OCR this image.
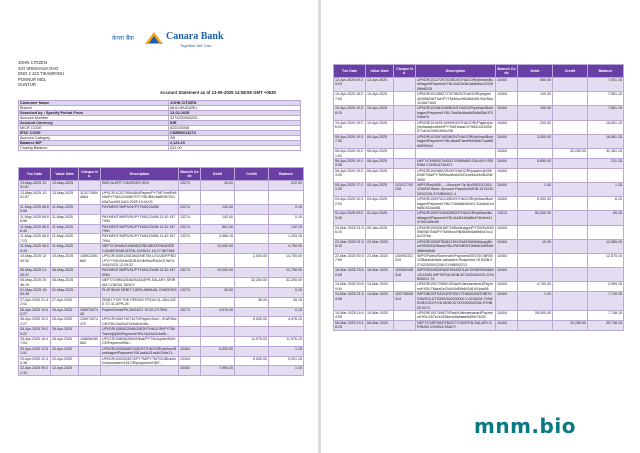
केनरा बैंक	Canara Bank
Together We Can
JOHN CITIZEN
S/O SRINIVASA RAO
DNO 2 122 TIKAMPADU
PONNUR MDL
GUNTUR
Account Statement as of 13-05-2025 14:58:55 GMT +0530
Customer Name	JOHN CITIZEN
Branch	MULUKUDURU
Searched by : Specify Period From	13-02-2025
Account Number	3274220000202
Account Currency	INR
MICR CODE	522015008
IFSC CODE	CNRB0013274
Account Category	SB
Balance B/F	2,123.15
Closing Balance	222.00
Txn Date	Value Date	Cheque No.	Description	Branch Code	Debit	Credit	Balance
13-May-2025 12:01:57	13-May-2025		SMS ALERT CHARGES HDV	13274	15.00		222.00
13-May-2025 12:01:57	13-May-2025	113273954 4864	UPI/CR/113273954484/Paytm/PYTM/Txn#Ref/NA/PYTM0123456/TOT/YBL/B9c3a8f29f7201b0a7cc4f413d19 2025 19:44:03				
11-May-2025 06:00:56	11-May-2025		PAYMENT/IMPS/91/PYTM0123456	13274	142.00		0.15
11-May-2025 06:08:56	11-May-2025		PAYMENT/IMPS/91/PYTM0123456 11:30 1577994	13274	142.00		0.15
11-May-2025 06:08:40	11-May-2025		PAYMENT/IMPS/91/PYTM0123456 11:30 1577991	13274	561.00		142.15
11-May-2025 06:07:23	11-May-2025		PAYMENT/IMPS/91/PYTM0123456 11:30 1577994	13274	3,486.15		1,203.15
11-May-2025 06:00:43	11-May-2025		NEFT/CANAW14060622/NEABOATNNASEEC/UNDERABOATSN-10/05/21 16:27:38/7984		10,000.00		4,750.00
10-May-2025 12:29:32	10-May-2025	108912081 663	UPI/CR/108912081663/NETIM LRJ/JIDP/FBOLPY/***0010/HbOlDRJI/HibRsh/PaOrOl WE/10/05/2025 12:29:32			2,000.00	14,750.00
06-May-2025 21:30:27	06-May-2025		PAYMENT/IMPS/91/PYTM0123456 11:30 1579964	13274	19,000.00		12,750.00
06-May-2025 20:46:19	06-May-2025		NEFT/CNR04254629432/APR-SALARY-SRIRAM CONSULTANCY			32,250.00	32,250.00
01-May-2025 10:53:38	01-May-2025		PLATINUM DEBIT CARD ANNUAL CHARGES	13274	35.00		0.15
27-Apr-2025 21:32:51	27-Apr-2025		SBINT FOR THE PERIOD FROM 01-JAN-2025 TO 31-APR-25			36.00	35.15
26-Apr-2025 19:32:27	26-Apr-2025	106974074 28	Paytm/Noida/Pb-26/04/21 19:32:27/7994	13274	4,976.00		0.15
26-Apr-2025 19:32:27	26-Apr-2025	106974074 472	UPI/CR/106974074472/Paytm/Jubr/.../KARSAICBJYBL/4a2bc37e9c8/4c/8b...			5,000.00	4,976.15
26-Apr-2025 19:25:22	26-Apr-2025		UPI/DR/1086922068/2/BONTHAGORI/PYTM/Trans/jbjUtil/Payment/YBL/4c2bc2c4a9b...				
26-Apr-2025 18:47:04	26-Apr-2025	108696280 663	UPI/CR/1086962806/Nihal/PYTM/Jupiter/BAHCE/Payment/Bkh...			11,975.00	11,976.15
20-Apr-2025 12:51:51	20-Apr-2025		UPI/DR/100066857/3/BONTHAGORI/yblhan/Bonthagori/Payment/YBL/aa5c21ac4b7c8e21...	10404	5,000.00		1.15
20-Apr-2025 12:46:38	20-Apr-2025		UPI/DR/1000053574/PYTM/PYTM7/ZUBI/ankit/chandradev/1517/Repayment/HDF...	10404		5,000.00	5,001.15
12-Apr-2025 09:21:33	12-Apr-2025			10404	7,990.00		1.15
Txn Date	Value Date	Cheque No.	Description	Branch Code	Debit	Credit	Balance
12-Apr-2025 09:25:04	12-Apr-2025		UPI/DR/101273970/2/BONTHAGORI/yblhan/Bonthagori/Payment/YBL/4d01b3b1ab6ebec2204f0f6b8315	10404	550.00		7,001.15
10-Apr-2025 18:27:00	10-Apr-2025		UPI/DR/101286271767/BONTHAGORI/paytm/@0956/08/TNA/PYTM/Moo/HB46d/d91/0/e/5ba1e18d716/0	10404	100.00		7,551.15
10-Apr-2025 19:28:20	10-Apr-2025		UPI/DR/101081198/BONTHAGORI/yblhan/Bonthagori/Payment/YBL/7ba5dc8ba8d2b8d/5a1f7004ba7d	10404	100.00		7,651.15
10-Apr-2025 19:26:03	10-Apr-2025		UPI/DR/101090/1999/BONTHAGORI/Paytm/paytmhwaqhudhbh/PYTM/Hwasi/1/7984/14/3400/071a/1b1e8016f/5c/08	10404	200.00		16,651.15
09-Apr-2025 19:37:00	09-Apr-2025		UPI/DR/101067/8/2/BONTHAGORI/yblhan/Bonthagori/Payment/YBL/aba0f7aeef9d4ddb71aa68b56994e0	10404	3,000.00		16,851.15
06-Apr-2025 19:21:02	06-Apr-2025			10404		32,250.00	32,481.15
06-Apr-2025 19:19:38	06-Apr-2025		NEFT/CNR0507945327/SBI/MAR-SALARY-SRIRAM CONSULTANCY	10404	5,650.00		231.15
06-Apr-2025 19:23:00	06-Apr-2025		UPI/DR/100988/2/BONTHAGORI/paytm/@0956/08/TNA/PYTM/MooBo6430014e6ed/4e8b2563000	10404			
05-Apr-2025 17:21:29	05-Apr-2025	101017782 228	IMPS/Ravi/AM/...../Account Sp No/4581111161/1/16039 Bank: Account Payment/MOB:3274220000/2206-SYNB00021 4	10404	1.00		1.15
03-Apr-2025 10:32:00	03-Apr-2025		UPI/DR/100976224/BONTHAGORI/yblhan/Bonthagori/Payment/YBL/71b8a6b3b0e3 31a3ed1e4fa8d1f32ac681	10404	5,000.00		6.15
01-Apr-2025 09:09:26	01-Apr-2025		UPI/DR/1009702645/BONTHAGORI/yblhan/Bonthagori/Payment/YBL/AAEd1f4a8bd74b3ee41475d1405cb8	12513	52,000.00		65.15
24-Mar-2025 21:06:10	09-Jan-2025		UPI/DR/1009281827/4/BonthagoriPYTM/Sn93/0956/08/TNA/PYTM/Moo/HB46d0b5a6fb6/d7cc36c2376a	10404			
22-Mar-2025 01:05:15	22-Mar-2025		UPI/DR/100997828474/KONA/HWAMA/pay@hw49280002/Bank/YBL/PAYMENT/a9fab1df9ba5486e69848	10404	10.00		12,565.15
22-Mar-2025 00:37:59	22-Mar-2025	100992331 319	IMPS/Failed/Surrender/Payment/GEOS/CNR0012/Bank/details validation:Snapment Of MOB:3274220000/2206-SYNB000213	10404			12,575.15
16-Mar-2025 23:40:05	16-Mar-2025	100062948 318	IMPS/RAVINDRAVEMHASOLAKSH/829904660-0012080 IMPS/PSA MOB:327422000/220-SYNB00021 74	10404			
14-Mar-2025 20:59:54	14-Mar-2025		UPI/DR/100/72560/1/Ravi/Krishnamanari/Payment/YBL/78aba2e20d4/4d59b643d19/1bac98	10404	4,750.00		2,999.15
14-Mar-2025 21:34:55	14-Mar-2025	100718006 314	IMPS/BONTHAGORI/YBLYTHANGA/ATHBONDIM/SOLUTIONS/300000000 0-0234004 7/HWKDBSJGX/YVN MOB:3274220000/2206-SYNB00 0274	10404	1.00		7,749.15
10-Mar-2025 14:44:59	10-Mar-2025		UPI/DR/100749627/Ravi/Krishnamanari/Payment/YBL/257e1b3256e4c6b8aae8d90e7402f	10404	28,000.00		7,748.15
08-Mar-2025 19:18:25	06-Mar-2025		NEFT/CNR706/FEB/0377/100/FEB-SALARY-SRIRAM CONSULTANCY	10404		32,250.00	35,748.15
mnm.bio
